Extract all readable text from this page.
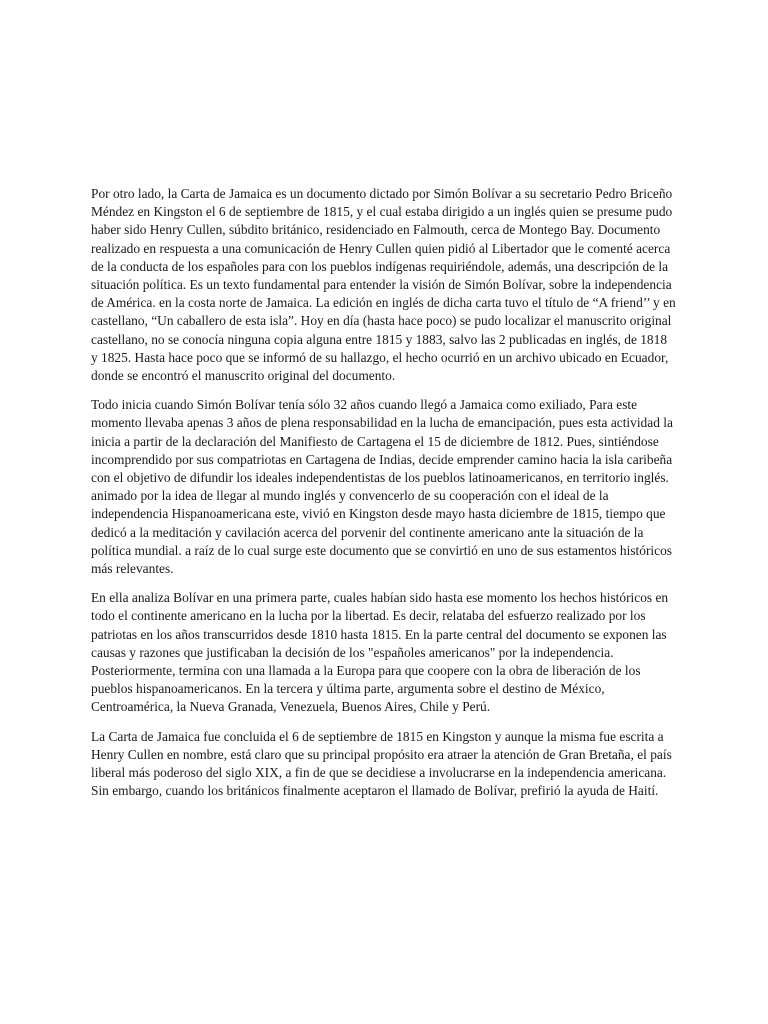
Por otro lado, la Carta de Jamaica es un documento dictado por Simón Bolívar a su secretario Pedro Briceño Méndez en Kingston el 6 de septiembre de 1815, y el cual estaba dirigido a un inglés quien se presume pudo haber sido Henry Cullen, súbdito británico, residenciado en Falmouth, cerca de Montego Bay. Documento realizado en respuesta a una comunicación de Henry Cullen quien pidió al Libertador que le comenté acerca de la conducta de los españoles para con los pueblos indígenas requiriéndole, además, una descripción de la situación política. Es un texto fundamental para entender la visión de Simón Bolívar, sobre la independencia de América. en la costa norte de Jamaica. La edición en inglés de dicha carta tuvo el título de “A friend’’ y en castellano, “Un caballero de esta isla”. Hoy en día (hasta hace poco) se pudo localizar el manuscrito original castellano, no se conocía ninguna copia alguna entre 1815 y 1883, salvo las 2 publicadas en inglés, de 1818 y 1825. Hasta hace poco que se informó de su hallazgo, el hecho ocurrió en un archivo ubicado en Ecuador, donde se encontró el manuscrito original del documento.

Todo inicia cuando Simón Bolívar tenía sólo 32 años cuando llegó a Jamaica como exiliado, Para este momento llevaba apenas 3 años de plena responsabilidad en la lucha de emancipación, pues esta actividad la inicia a partir de la declaración del Manifiesto de Cartagena el 15 de diciembre de 1812. Pues, sintiéndose incomprendido por sus compatriotas en Cartagena de Indias, decide emprender camino hacia la isla caribeña con el objetivo de difundir los ideales independentistas de los pueblos latinoamericanos, en territorio inglés. animado por la idea de llegar al mundo inglés y convencerlo de su cooperación con el ideal de la independencia Hispanoamericana este, vivió en Kingston desde mayo hasta diciembre de 1815, tiempo que dedicó a la meditación y cavilación acerca del porvenir del continente americano ante la situación de la política mundial. a raíz de lo cual surge este documento que se convirtió en uno de sus estamentos históricos más relevantes.

En ella analiza Bolívar en una primera parte, cuales habían sido hasta ese momento los hechos históricos en todo el continente americano en la lucha por la libertad. Es decir, relataba del esfuerzo realizado por los patriotas en los años transcurridos desde 1810 hasta 1815. En la parte central del documento se exponen las causas y razones que justificaban la decisión de los "españoles americanos" por la independencia. Posteriormente, termina con una llamada a la Europa para que coopere con la obra de liberación de los pueblos hispanoamericanos. En la tercera y última parte, argumenta sobre el destino de México, Centroamérica, la Nueva Granada, Venezuela, Buenos Aires, Chile y Perú.

La Carta de Jamaica fue concluida el 6 de septiembre de 1815 en Kingston y aunque la misma fue escrita a Henry Cullen en nombre, está claro que su principal propósito era atraer la atención de Gran Bretaña, el país liberal más poderoso del siglo XIX, a fin de que se decidiese a involucrarse en la independencia americana. Sin embargo, cuando los británicos finalmente aceptaron el llamado de Bolívar, prefirió la ayuda de Haití.
